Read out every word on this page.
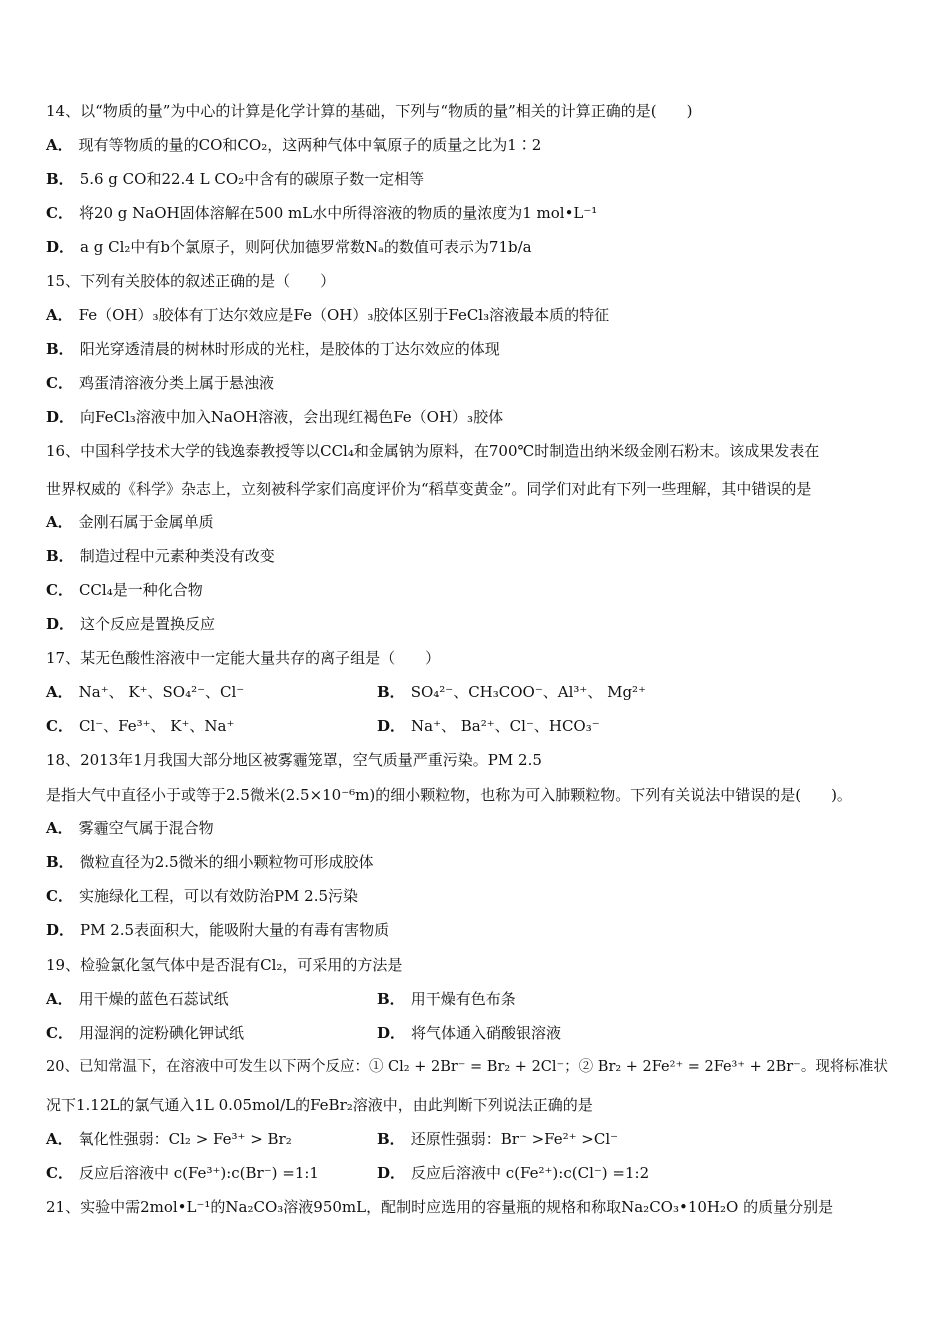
14、以“物质的量”为中心的计算是化学计算的基础，下列与“物质的量”相关的计算正确的是(　　)
A． 现有等物质的量的CO和CO₂，这两种气体中氧原子的质量之比为1∶2
B． 5.6 g CO和22.4 L CO₂中含有的碳原子数一定相等
C． 将20 g NaOH固体溶解在500 mL水中所得溶液的物质的量浓度为1 mol•L⁻¹
D． a g Cl₂中有b个氯原子，则阿伏加德罗常数Nₐ的数值可表示为71b/a
15、下列有关胶体的叙述正确的是（　　）
A． Fe（OH）₃胶体有丁达尔效应是Fe（OH）₃胶体区别于FeCl₃溶液最本质的特征
B． 阳光穿透清晨的树林时形成的光柱，是胶体的丁达尔效应的体现
C． 鸡蛋清溶液分类上属于悬浊液
D． 向FeCl₃溶液中加入NaOH溶液，会出现红褐色Fe（OH）₃胶体
16、中国科学技术大学的钱逸泰教授等以CCl₄和金属钠为原料，在700℃时制造出纳米级金刚石粉末。该成果发表在
世界权威的《科学》杂志上，立刻被科学家们高度评价为“稻草变黄金”。同学们对此有下列一些理解，其中错误的是
A． 金刚石属于金属单质
B． 制造过程中元素种类没有改变
C． CCl₄是一种化合物
D． 这个反应是置换反应
17、某无色酸性溶液中一定能大量共存的离子组是（　　）
A． Na⁺、 K⁺、SO₄²⁻、Cl⁻	B． SO₄²⁻、CH₃COO⁻、Al³⁺、 Mg²⁺
C． Cl⁻、Fe³⁺、 K⁺、Na⁺	D． Na⁺、 Ba²⁺、Cl⁻、HCO₃⁻
18、2013年1月我国大部分地区被雾霾笼罩，空气质量严重污染。PM 2.5
是指大气中直径小于或等于2.5微米(2.5×10⁻⁶m)的细小颗粒物，也称为可入肺颗粒物。下列有关说法中错误的是(　　)。
A． 雾霾空气属于混合物
B． 微粒直径为2.5微米的细小颗粒物可形成胶体
C． 实施绿化工程，可以有效防治PM 2.5污染
D． PM 2.5表面积大，能吸附大量的有毒有害物质
19、检验氯化氢气体中是否混有Cl₂，可采用的方法是
A． 用干燥的蓝色石蕊试纸	B． 用干燥有色布条
C． 用湿润的淀粉碘化钾试纸	D． 将气体通入硝酸银溶液
20、已知常温下，在溶液中可发生以下两个反应：① Cl₂ + 2Br⁻ = Br₂ + 2Cl⁻；② Br₂ + 2Fe²⁺ = 2Fe³⁺ + 2Br⁻。现将标准状
况下1.12L的氯气通入1L 0.05mol/L的FeBr₂溶液中，由此判断下列说法正确的是
A． 氧化性强弱：Cl₂ > Fe³⁺ > Br₂	B． 还原性强弱：Br⁻ >Fe²⁺ >Cl⁻
C． 反应后溶液中 c(Fe³⁺):c(Br⁻) =1:1	D． 反应后溶液中 c(Fe²⁺):c(Cl⁻) =1:2
21、实验中需2mol•L⁻¹的Na₂CO₃溶液950mL，配制时应选用的容量瓶的规格和称取Na₂CO₃•10H₂O 的质量分别是
